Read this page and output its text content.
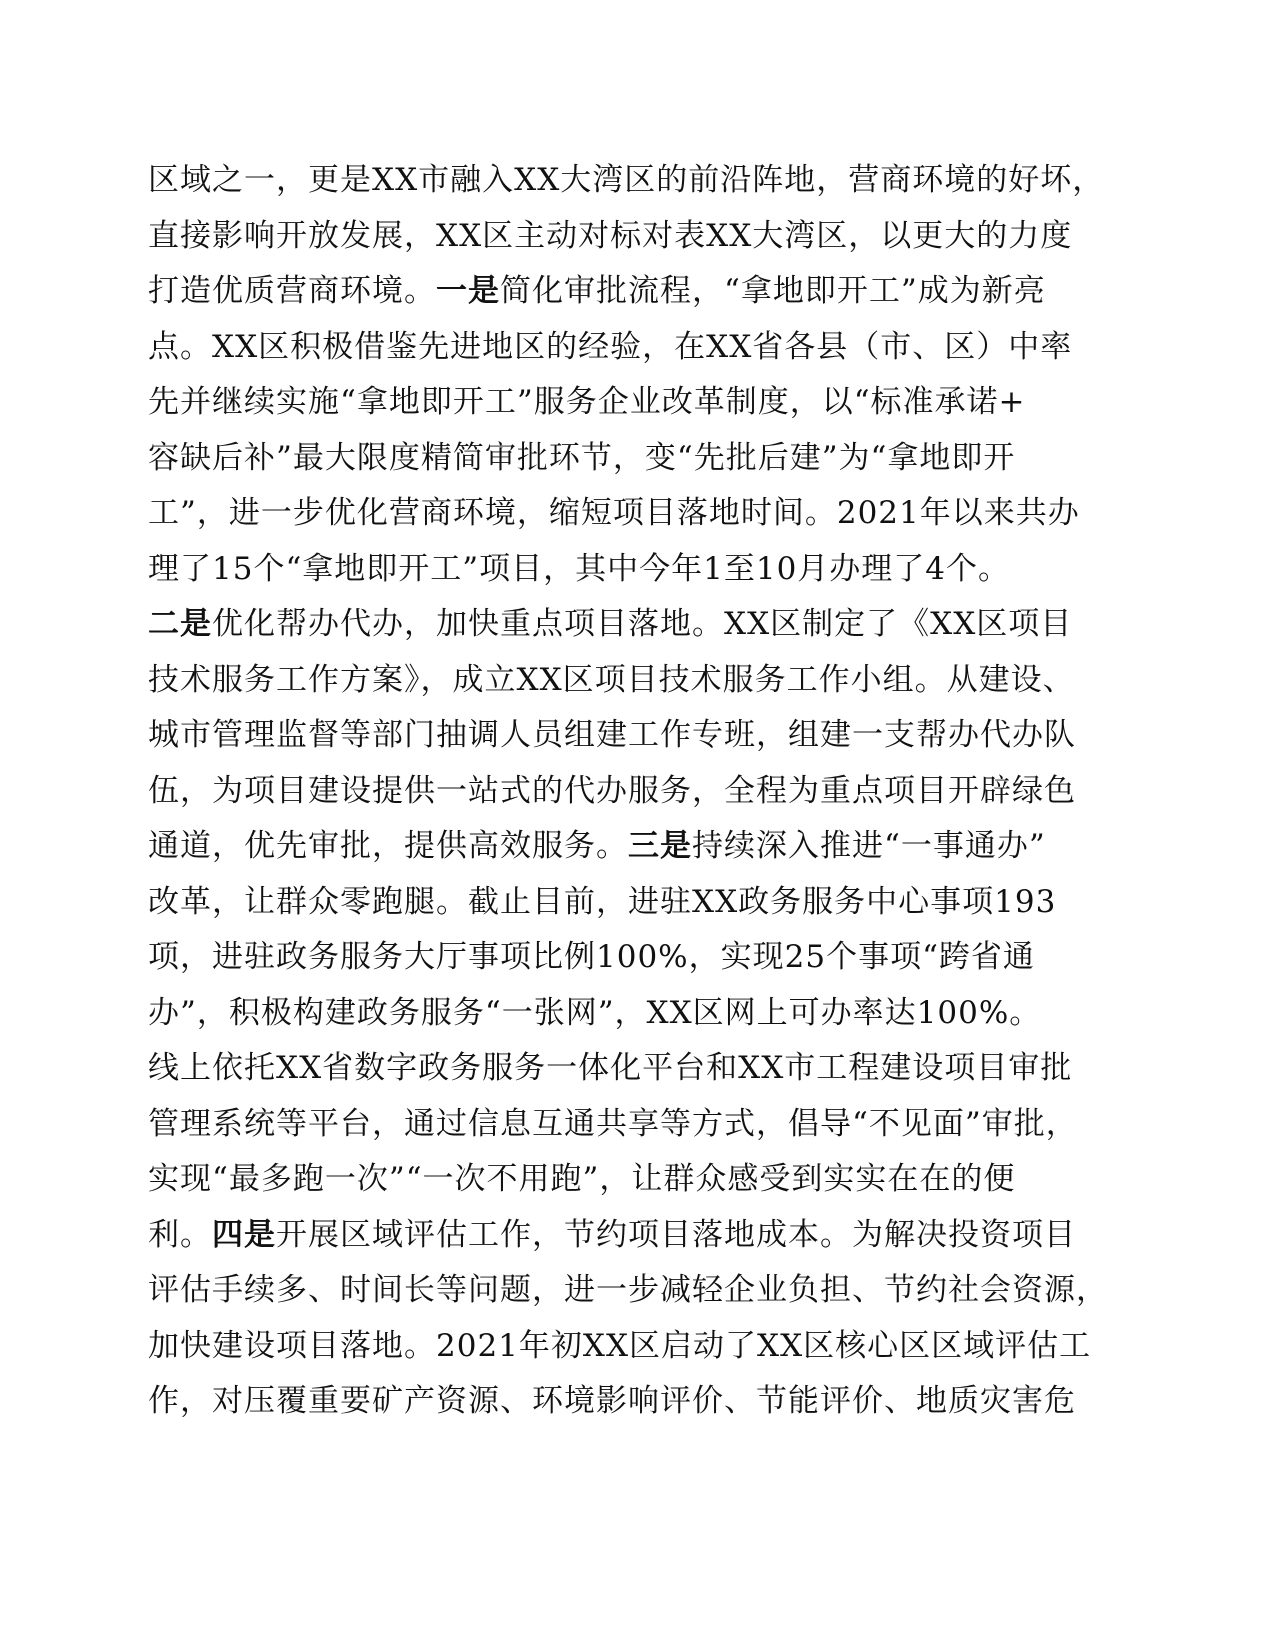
区域之一，更是XX市融入XX大湾区的前沿阵地，营商环境的好坏，
直接影响开放发展，XX区主动对标对表XX大湾区，以更大的力度
打造优质营商环境。一是简化审批流程，“拿地即开工”成为新亮
点。XX区积极借鉴先进地区的经验，在XX省各县（市、区）中率
先并继续实施“拿地即开工”服务企业改革制度，以“标准承诺+
容缺后补”最大限度精简审批环节，变“先批后建”为“拿地即开
工”，进一步优化营商环境，缩短项目落地时间。2021年以来共办
理了15个“拿地即开工”项目，其中今年1至10月办理了4个。
二是优化帮办代办，加快重点项目落地。XX区制定了《XX区项目
技术服务工作方案》，成立XX区项目技术服务工作小组。从建设、
城市管理监督等部门抽调人员组建工作专班，组建一支帮办代办队
伍，为项目建设提供一站式的代办服务，全程为重点项目开辟绿色
通道，优先审批，提供高效服务。三是持续深入推进“一事通办”
改革，让群众零跑腿。截止目前，进驻XX政务服务中心事项193
项，进驻政务服务大厅事项比例100%，实现25个事项“跨省通
办”，积极构建政务服务“一张网”，XX区网上可办率达100%。
线上依托XX省数字政务服务一体化平台和XX市工程建设项目审批
管理系统等平台，通过信息互通共享等方式，倡导“不见面”审批，
实现“最多跑一次”“一次不用跑”，让群众感受到实实在在的便
利。四是开展区域评估工作，节约项目落地成本。为解决投资项目
评估手续多、时间长等问题，进一步减轻企业负担、节约社会资源，
加快建设项目落地。2021年初XX区启动了XX区核心区区域评估工
作，对压覆重要矿产资源、环境影响评价、节能评价、地质灾害危
